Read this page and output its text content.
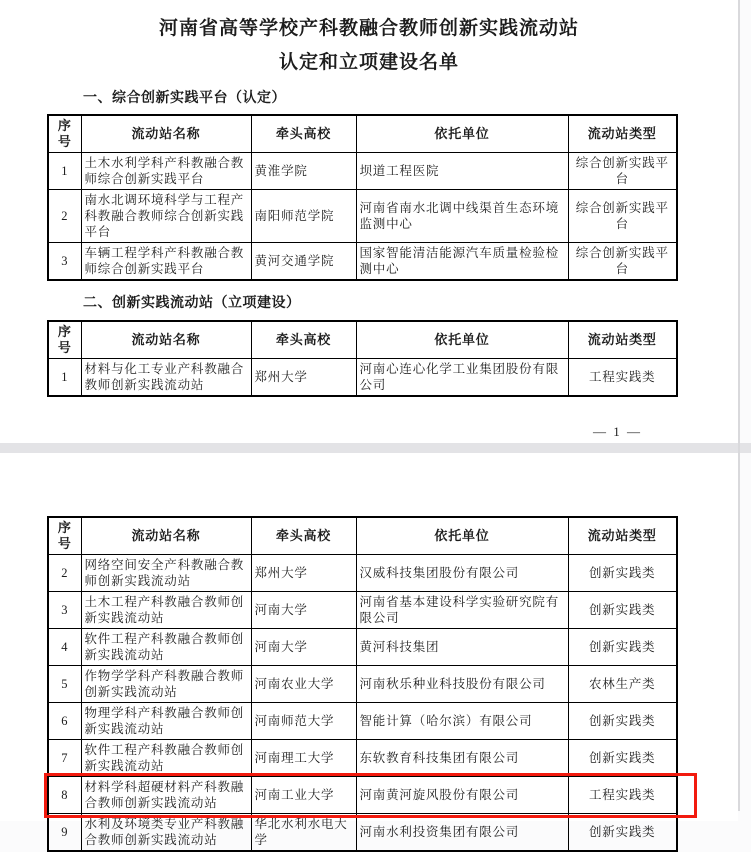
河南省高等学校产科教融合教师创新实践流动站
认定和立项建设名单
一、综合创新实践平台（认定）
序号	流动站名称	牵头高校	依托单位	流动站类型
1	土木水利学科产科教融合教师综合创新实践平台	黄淮学院	坝道工程医院	综合创新实践平台
2	南水北调环境科学与工程产科教融合教师综合创新实践平台	南阳师范学院	河南省南水北调中线渠首生态环境监测中心	综合创新实践平台
3	车辆工程学科产科教融合教师综合创新实践平台	黄河交通学院	国家智能清洁能源汽车质量检验检测中心	综合创新实践平台
二、创新实践流动站（立项建设）
序号	流动站名称	牵头高校	依托单位	流动站类型
1	材料与化工专业产科教融合教师创新实践流动站	郑州大学	河南心连心化学工业集团股份有限公司	工程实践类
— 1 —
序号	流动站名称	牵头高校	依托单位	流动站类型
2	网络空间安全产科教融合教师创新实践流动站	郑州大学	汉威科技集团股份有限公司	创新实践类
3	土木工程产科教融合教师创新实践流动站	河南大学	河南省基本建设科学实验研究院有限公司	创新实践类
4	软件工程产科教融合教师创新实践流动站	河南大学	黄河科技集团	创新实践类
5	作物学学科产科教融合教师创新实践流动站	河南农业大学	河南秋乐种业科技股份有限公司	农林生产类
6	物理学科产科教融合教师创新实践流动站	河南师范大学	智能计算（哈尔滨）有限公司	创新实践类
7	软件工程产科教融合教师创新实践流动站	河南理工大学	东软教育科技集团有限公司	创新实践类
8	材料学科超硬材料产科教融合教师创新实践流动站	河南工业大学	河南黄河旋风股份有限公司	工程实践类
9	水利及环境类专业产科教融合教师创新实践流动站	华北水利水电大学	河南水利投资集团有限公司	创新实践类
